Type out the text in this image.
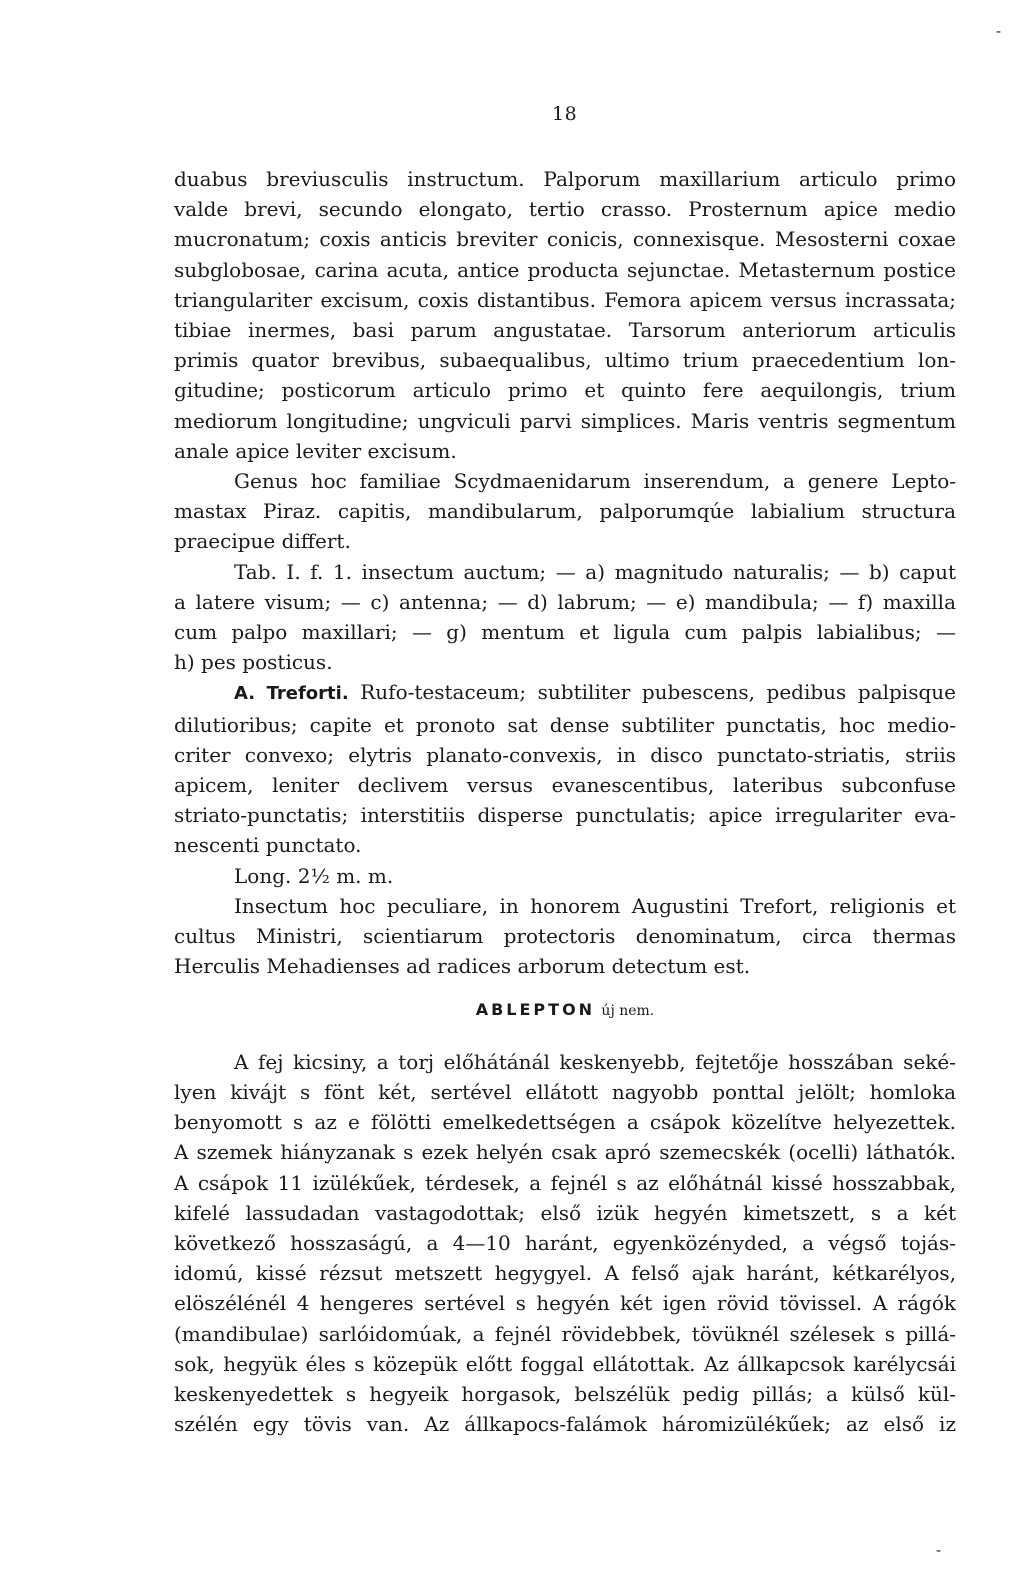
-
18
duabus breviusculis instructum. Palporum maxillarium articulo primo
valde brevi, secundo elongato, tertio crasso. Prosternum apice medio
mucronatum; coxis anticis breviter conicis, connexisque. Mesosterni coxae
subglobosae, carina acuta, antice producta sejunctae. Metasternum postice
triangulariter excisum, coxis distantibus. Femora apicem versus incrassata;
tibiae inermes, basi parum angustatae. Tarsorum anteriorum articulis
primis quator brevibus, subaequalibus, ultimo trium praecedentium lon-
gitudine; posticorum articulo primo et quinto fere aequilongis, trium
mediorum longitudine; ungviculi parvi simplices. Maris ventris segmentum
anale apice leviter excisum.
Genus hoc familiae Scydmaenidarum inserendum, a genere Lepto-
mastax Piraz. capitis, mandibularum, palporumqúe labialium structura
praecipue differt.
Tab. I. f. 1. insectum auctum; — a) magnitudo naturalis; — b) caput
a latere visum; — c) antenna; — d) labrum; — e) mandibula; — f) maxilla
cum palpo maxillari; — g) mentum et ligula cum palpis labialibus; —
h) pes posticus.
A. Treforti. Rufo-testaceum; subtiliter pubescens, pedibus palpisque
dilutioribus; capite et pronoto sat dense subtiliter punctatis, hoc medio-
criter convexo; elytris planato-convexis, in disco punctato-striatis, striis
apicem, leniter declivem versus evanescentibus, lateribus subconfuse
striato-punctatis; interstitiis disperse punctulatis; apice irregulariter eva-
nescenti punctato.
Long. 2½ m. m.
Insectum hoc peculiare, in honorem Augustini Trefort, religionis et
cultus Ministri, scientiarum protectoris denominatum, circa thermas
Herculis Mehadienses ad radices arborum detectum est.
ABLEPTON új nem.
A fej kicsiny, a torj előhátánál keskenyebb, fejtetője hosszában seké-
lyen kivájt s fönt két, sertével ellátott nagyobb ponttal jelölt; homloka
benyomott s az e fölötti emelkedettségen a csápok közelítve helyezettek.
A szemek hiányzanak s ezek helyén csak apró szemecskék (ocelli) láthatók.
A csápok 11 izülékűek, térdesek, a fejnél s az előhátnál kissé hosszabbak,
kifelé lassudadan vastagodottak; első izük hegyén kimetszett, s a két
következő hosszaságú, a 4—10 haránt, egyenközényded, a végső tojás-
idomú, kissé rézsut metszett hegygyel. A felső ajak haránt, kétkarélyos,
elöszélénél 4 hengeres sertével s hegyén két igen rövid tövissel. A rágók
(mandibulae) sarlóidomúak, a fejnél rövidebbek, tövüknél szélesek s pillá-
sok, hegyük éles s közepük előtt foggal ellátottak. Az állkapcsok karélycsái
keskenyedettek s hegyeik horgasok, belszélük pedig pillás; a külső kül-
szélén egy tövis van. Az állkapocs-falámok háromizülékűek; az első iz
-
